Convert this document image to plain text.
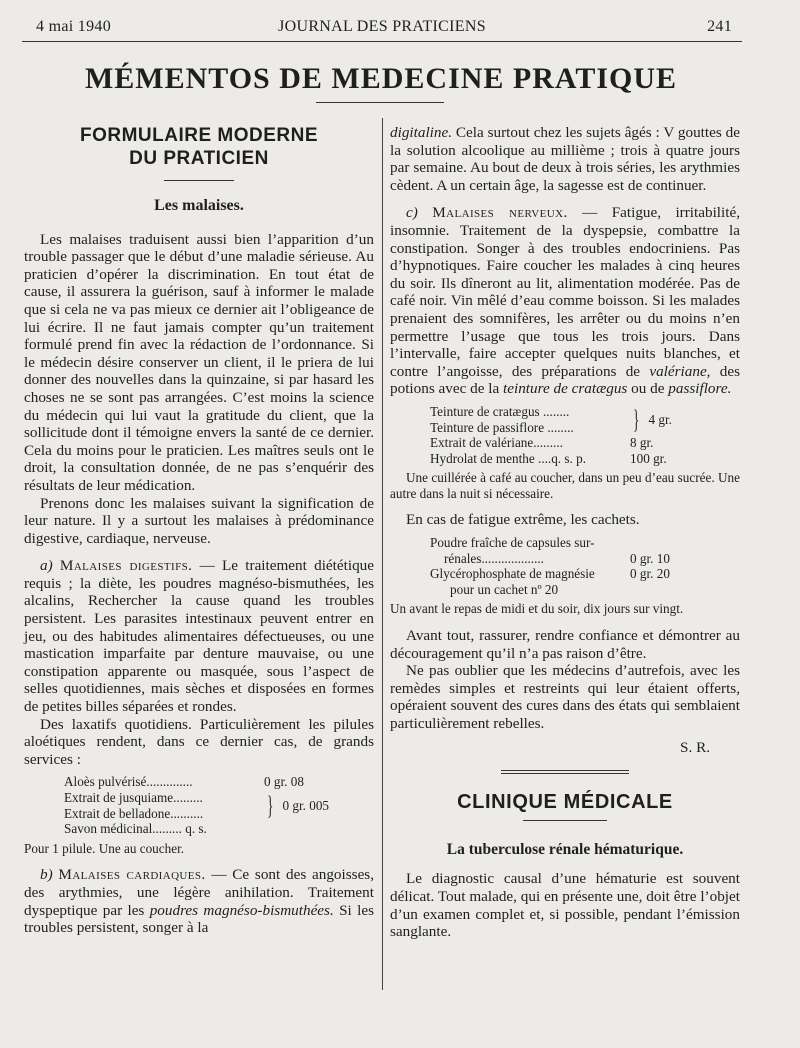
4 mai 1940	JOURNAL DES PRATICIENS	241
MÉMENTOS DE MEDECINE PRATIQUE
FORMULAIRE MODERNE
DU PRATICIEN
Les malaises.

Les malaises traduisent aussi bien l’apparition d’un trouble passager que le début d’une maladie sérieuse. Au praticien d’opérer la discrimination. En tout état de cause, il assurera la guérison, sauf à informer le malade que si cela ne va pas mieux ce dernier ait l’obligeance de lui écrire. Il ne faut jamais compter qu’un traitement formulé prend fin avec la rédaction de l’ordonnance. Si le médecin désire conserver un client, il le priera de lui donner des nouvelles dans la quinzaine, si par hasard les choses ne se sont pas arrangées. C’est moins la science du médecin qui lui vaut la gratitude du client, que la sollicitude dont il témoigne envers la santé de ce dernier. Cela du moins pour le praticien. Les maîtres seuls ont le droit, la consultation donnée, de ne pas s’enquérir des résultats de leur médication.

Prenons donc les malaises suivant la signification de leur nature. Il y a surtout les malaises à prédominance digestive, cardiaque, nerveuse.

a) Malaises digestifs. — Le traitement diététique requis ; la diète, les poudres magnéso-bismuthées, les alcalins, Rechercher la cause quand les troubles persistent. Les parasites intestinaux peuvent entrer en jeu, ou des habitudes alimentaires défectueuses, ou une mastication imparfaite par denture mauvaise, ou une constipation apparente ou masquée, sous l’aspect de selles quotidiennes, mais sèches et disposées en formes de petites billes séparées et rondes.

Des laxatifs quotidiens. Particulièrement les pilules aloétiques rendent, dans ce dernier cas, de grands services :

Aloès pulvérisé..............	0 gr. 08
Extrait de jusquiame.........
Extrait de belladone..........	} 0 gr. 005
Savon médicinal......... q. s.
Pour 1 pilule. Une au coucher.

b) Malaises cardiaques. — Ce sont des angoisses, des arythmies, une légère anihilation. Traitement dyspeptique par les poudres magnéso-bismuthées. Si les troubles persistent, songer à la

digitaline. Cela surtout chez les sujets âgés : V gouttes de la solution alcoolique au millième ; trois à quatre jours par semaine. Au bout de deux à trois séries, les arythmies cèdent. A un certain âge, la sagesse est de continuer.

c) Malaises nerveux. — Fatigue, irritabilité, insomnie. Traitement de la dyspepsie, combattre la constipation. Songer à des troubles endocriniens. Pas d’hypnotiques. Faire coucher les malades à cinq heures du soir. Ils dîneront au lit, alimentation modérée. Pas de café noir. Vin mêlé d’eau comme boisson. Si les malades prenaient des somnifères, les arrêter ou du moins n’en permettre l’usage que tous les trois jours. Dans l’intervalle, faire accepter quelques nuits blanches, et contre l’angoisse, des préparations de valériane, des potions avec de la teinture de cratægus ou de passiflore.

Teinture de cratægus ........
Teinture de passiflore ........	} 4 gr.
Extrait de valériane.........	8 gr.
Hydrolat de menthe ....q. s. p.	100 gr.

Une cuillérée à café au coucher, dans un peu d’eau sucrée. Une autre dans la nuit si nécessaire.

En cas de fatigue extrême, les cachets.

Poudre fraîche de capsules sur-
rénales...................	0 gr. 10
Glycérophosphate de magnésie	0 gr. 20
pour un cachet nº 20
Un avant le repas de midi et du soir, dix jours sur vingt.

Avant tout, rassurer, rendre confiance et démontrer au découragement qu’il n’a pas raison d’être.

Ne pas oublier que les médecins d’autrefois, avec les remèdes simples et restreints qui leur étaient offerts, opéraient souvent des cures dans des états qui semblaient particulièrement rebelles.

S. R.
CLINIQUE MÉDICALE
La tuberculose rénale hématurique.

Le diagnostic causal d’une hématurie est souvent délicat. Tout malade, qui en présente une, doit être l’objet d’un examen complet et, si possible, pendant l’émission sanglante.
